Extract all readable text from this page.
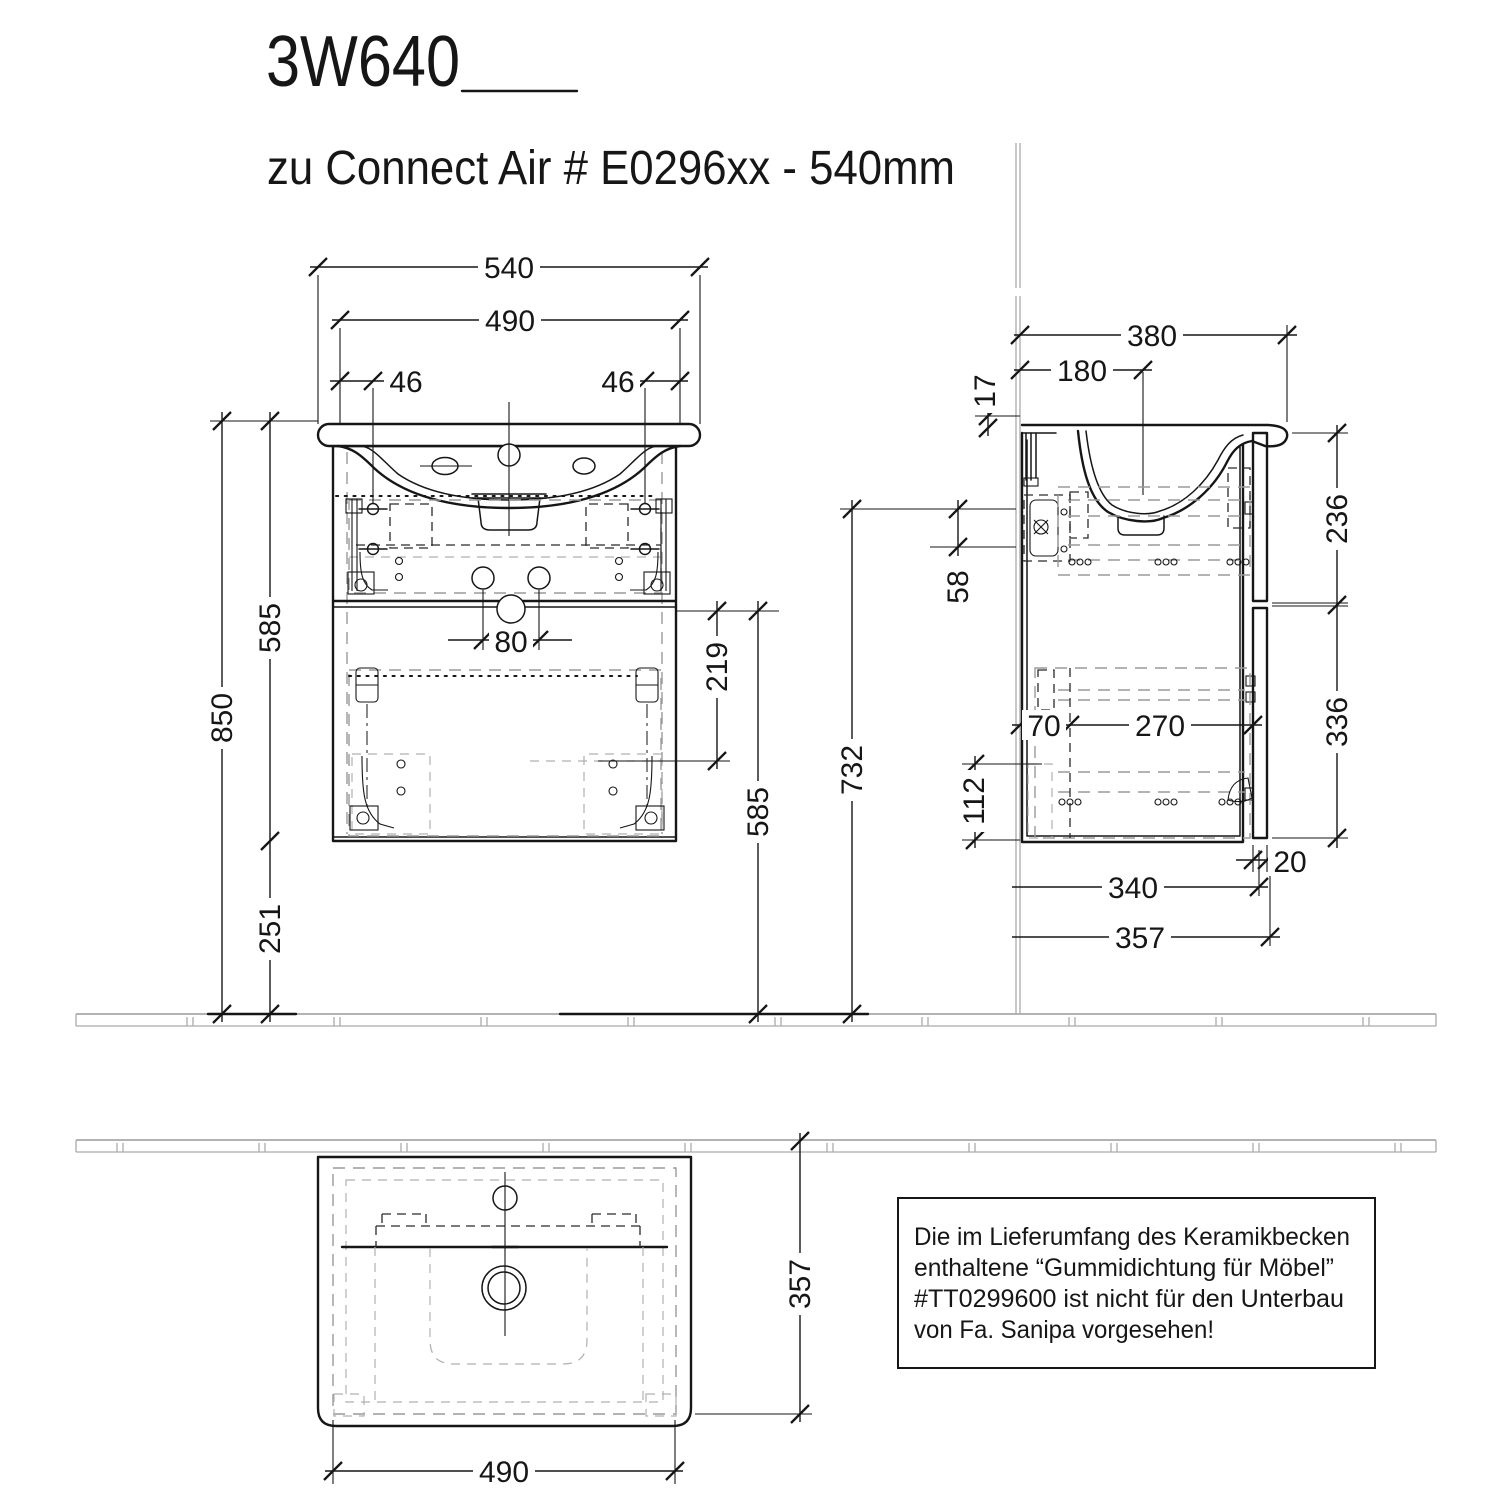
3W640
zu Connect Air # E0296xx - 540mm
540
490
46	46
850
585
251
80	219
585
732
380
180
17
58
236
336
70 270
112
20
340
357
490
357
Die im Lieferumfang des Keramikbecken
enthaltene “Gummidichtung für Möbel”
#TT0299600 ist nicht für den Unterbau
von Fa. Sanipa vorgesehen!
